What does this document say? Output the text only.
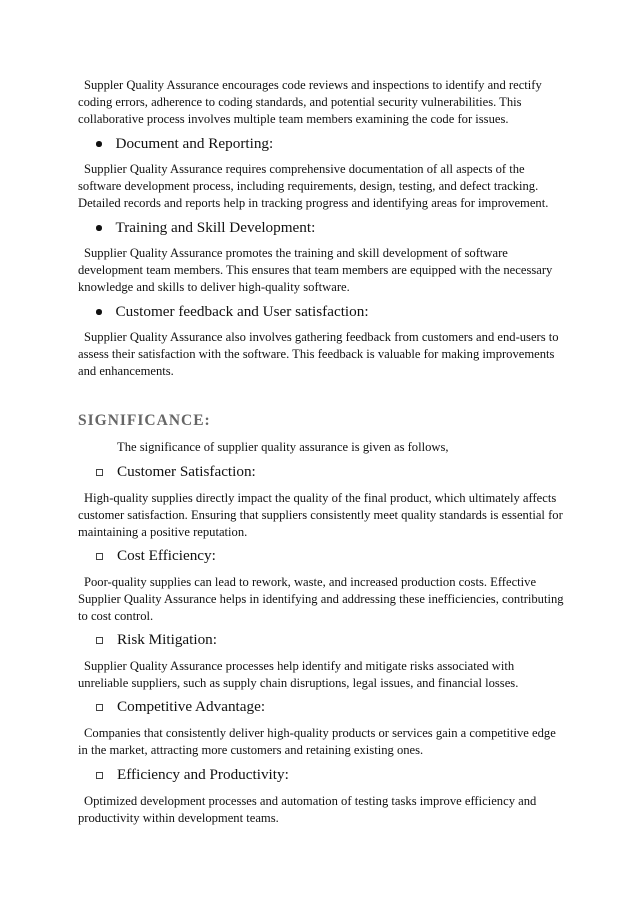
Suppler Quality Assurance encourages code reviews and inspections to identify and rectify coding errors, adherence to coding standards, and potential security vulnerabilities. This collaborative process involves multiple team members examining the code for issues.

Document and Reporting:

Supplier Quality Assurance requires comprehensive documentation of all aspects of the software development process, including requirements, design, testing, and defect tracking. Detailed records and reports help in tracking progress and identifying areas for improvement.

Training and Skill Development:

Supplier Quality Assurance promotes the training and skill development of software development team members. This ensures that team members are equipped with the necessary knowledge and skills to deliver high-quality software.

Customer feedback and User satisfaction:

Supplier Quality Assurance also involves gathering feedback from customers and end-users to assess their satisfaction with the software. This feedback is valuable for making improvements and enhancements.

SIGNIFICANCE:

The significance of supplier quality assurance is given as follows,

Customer Satisfaction:

High-quality supplies directly impact the quality of the final product, which ultimately affects customer satisfaction. Ensuring that suppliers consistently meet quality standards is essential for maintaining a positive reputation.

Cost Efficiency:

Poor-quality supplies can lead to rework, waste, and increased production costs. Effective Supplier Quality Assurance helps in identifying and addressing these inefficiencies, contributing to cost control.

Risk Mitigation:

Supplier Quality Assurance processes help identify and mitigate risks associated with unreliable suppliers, such as supply chain disruptions, legal issues, and financial losses.

Competitive Advantage:

Companies that consistently deliver high-quality products or services gain a competitive edge in the market, attracting more customers and retaining existing ones.

Efficiency and Productivity:

Optimized development processes and automation of testing tasks improve efficiency and productivity within development teams.
